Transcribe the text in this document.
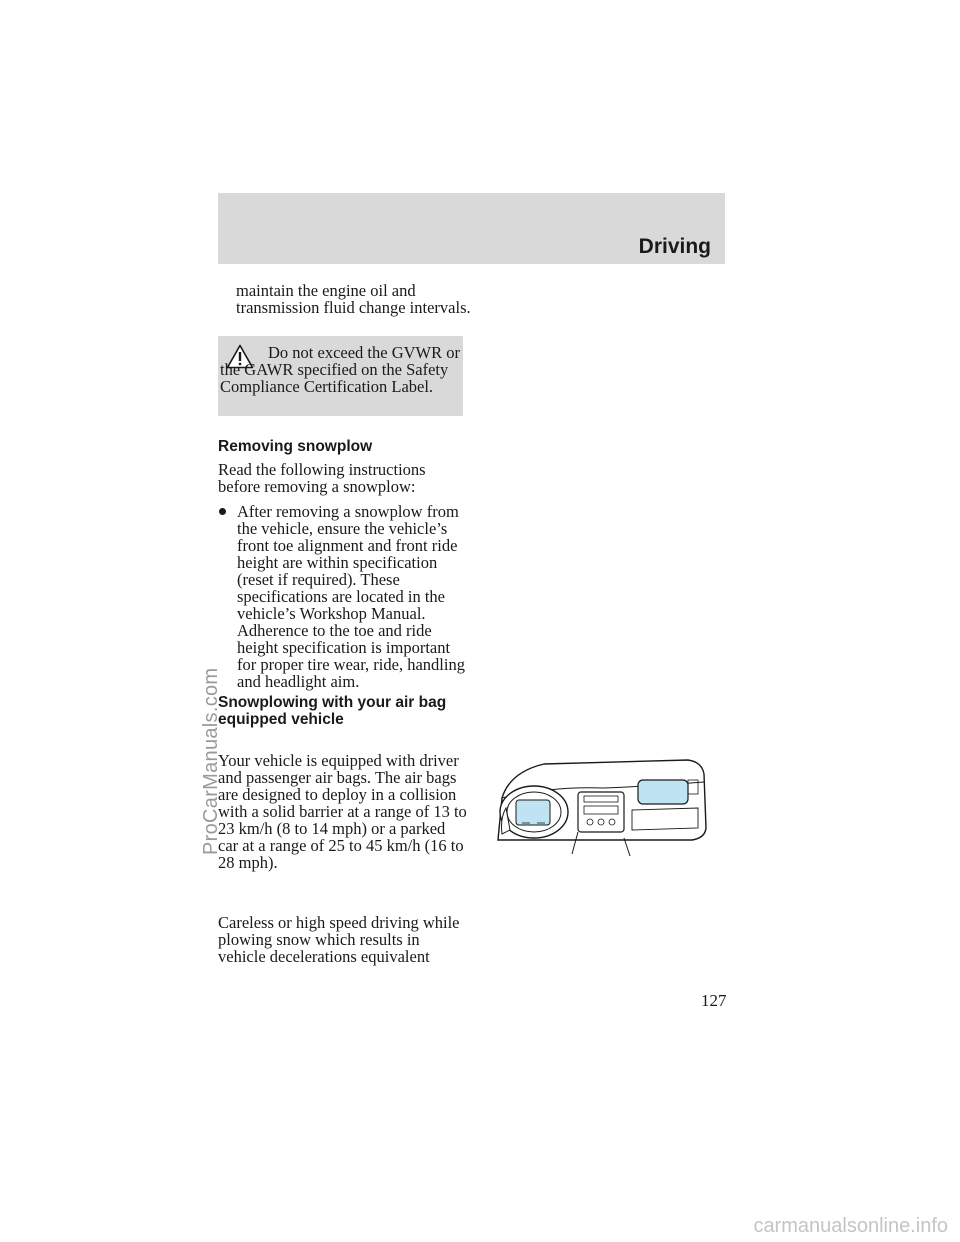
Driving

maintain the engine oil and transmission fluid change intervals.

Do not exceed the GVWR or the GAWR specified on the Safety Compliance Certification Label.

Removing snowplow

Read the following instructions before removing a snowplow:

After removing a snowplow from the vehicle, ensure the vehicle’s front toe alignment and front ride height are within specification (reset if required). These specifications are located in the vehicle’s Workshop Manual. Adherence to the toe and ride height specification is important for proper tire wear, ride, handling and headlight aim.

Snowplowing with your air bag equipped vehicle

Your vehicle is equipped with driver and passenger air bags. The air bags are designed to deploy in a collision with a solid barrier at a range of 13 to 23 km/h (8 to 14 mph) or a parked car at a range of 25 to 45 km/h (16 to 28 mph).

Careless or high speed driving while plowing snow which results in vehicle decelerations equivalent

127
ProCarManuals.com
carmanualsonline.info
